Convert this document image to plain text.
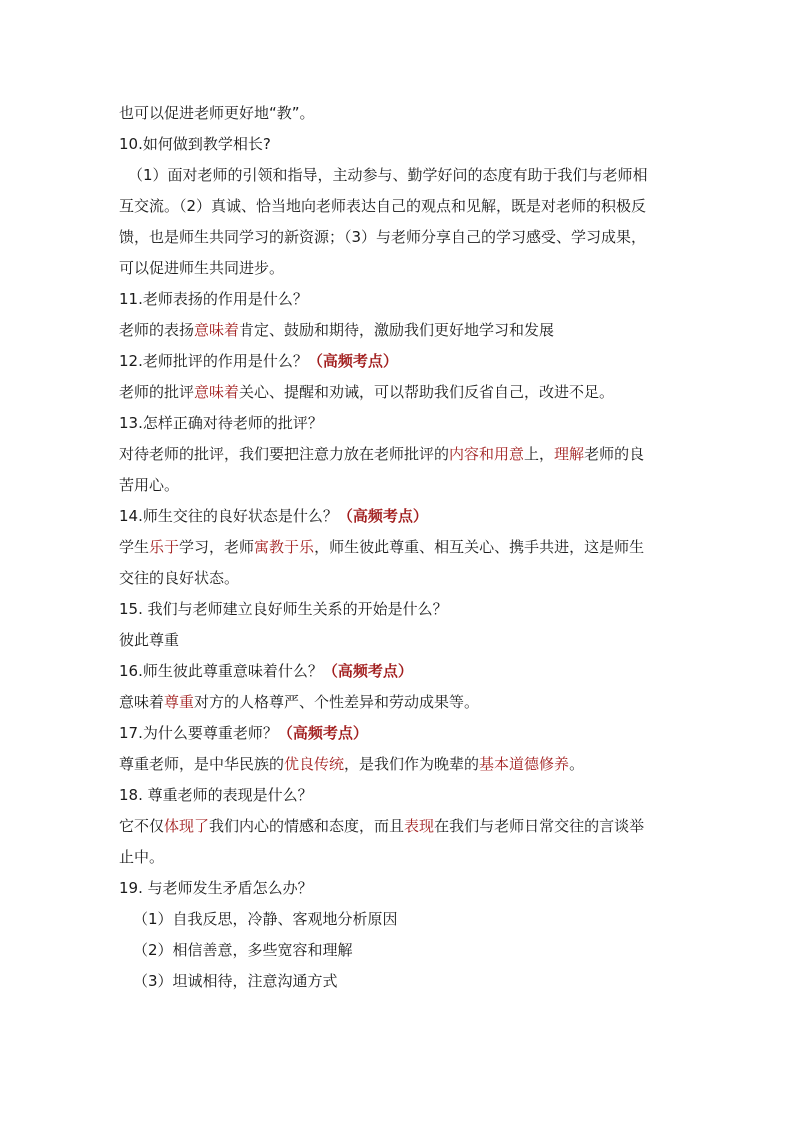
也可以促进老师更好地“教”。
10.如何做到教学相长?
（1）面对老师的引领和指导，主动参与、勤学好问的态度有助于我们与老师相
互交流。（2）真诚、恰当地向老师表达自己的观点和见解，既是对老师的积极反
馈，也是师生共同学习的新资源；（3）与老师分享自己的学习感受、学习成果，
可以促进师生共同进步。
11.老师表扬的作用是什么？
老师的表扬意味着肯定、鼓励和期待，激励我们更好地学习和发展
12.老师批评的作用是什么？（高频考点）
老师的批评意味着关心、提醒和劝诫，可以帮助我们反省自己，改进不足。
13.怎样正确对待老师的批评？
对待老师的批评，我们要把注意力放在老师批评的内容和用意上，理解老师的良
苦用心。
14.师生交往的良好状态是什么？（高频考点）
学生乐于学习，老师寓教于乐，师生彼此尊重、相互关心、携手共进，这是师生
交往的良好状态。
15. 我们与老师建立良好师生关系的开始是什么？
彼此尊重
16.师生彼此尊重意味着什么？（高频考点）
意味着尊重对方的人格尊严、个性差异和劳动成果等。
17.为什么要尊重老师？（高频考点）
尊重老师，是中华民族的优良传统，是我们作为晚辈的基本道德修养。
18. 尊重老师的表现是什么？
它不仅体现了我们内心的情感和态度，而且表现在我们与老师日常交往的言谈举
止中。
19. 与老师发生矛盾怎么办？
（1）自我反思，冷静、客观地分析原因
（2）相信善意，多些宽容和理解
（3）坦诚相待，注意沟通方式
